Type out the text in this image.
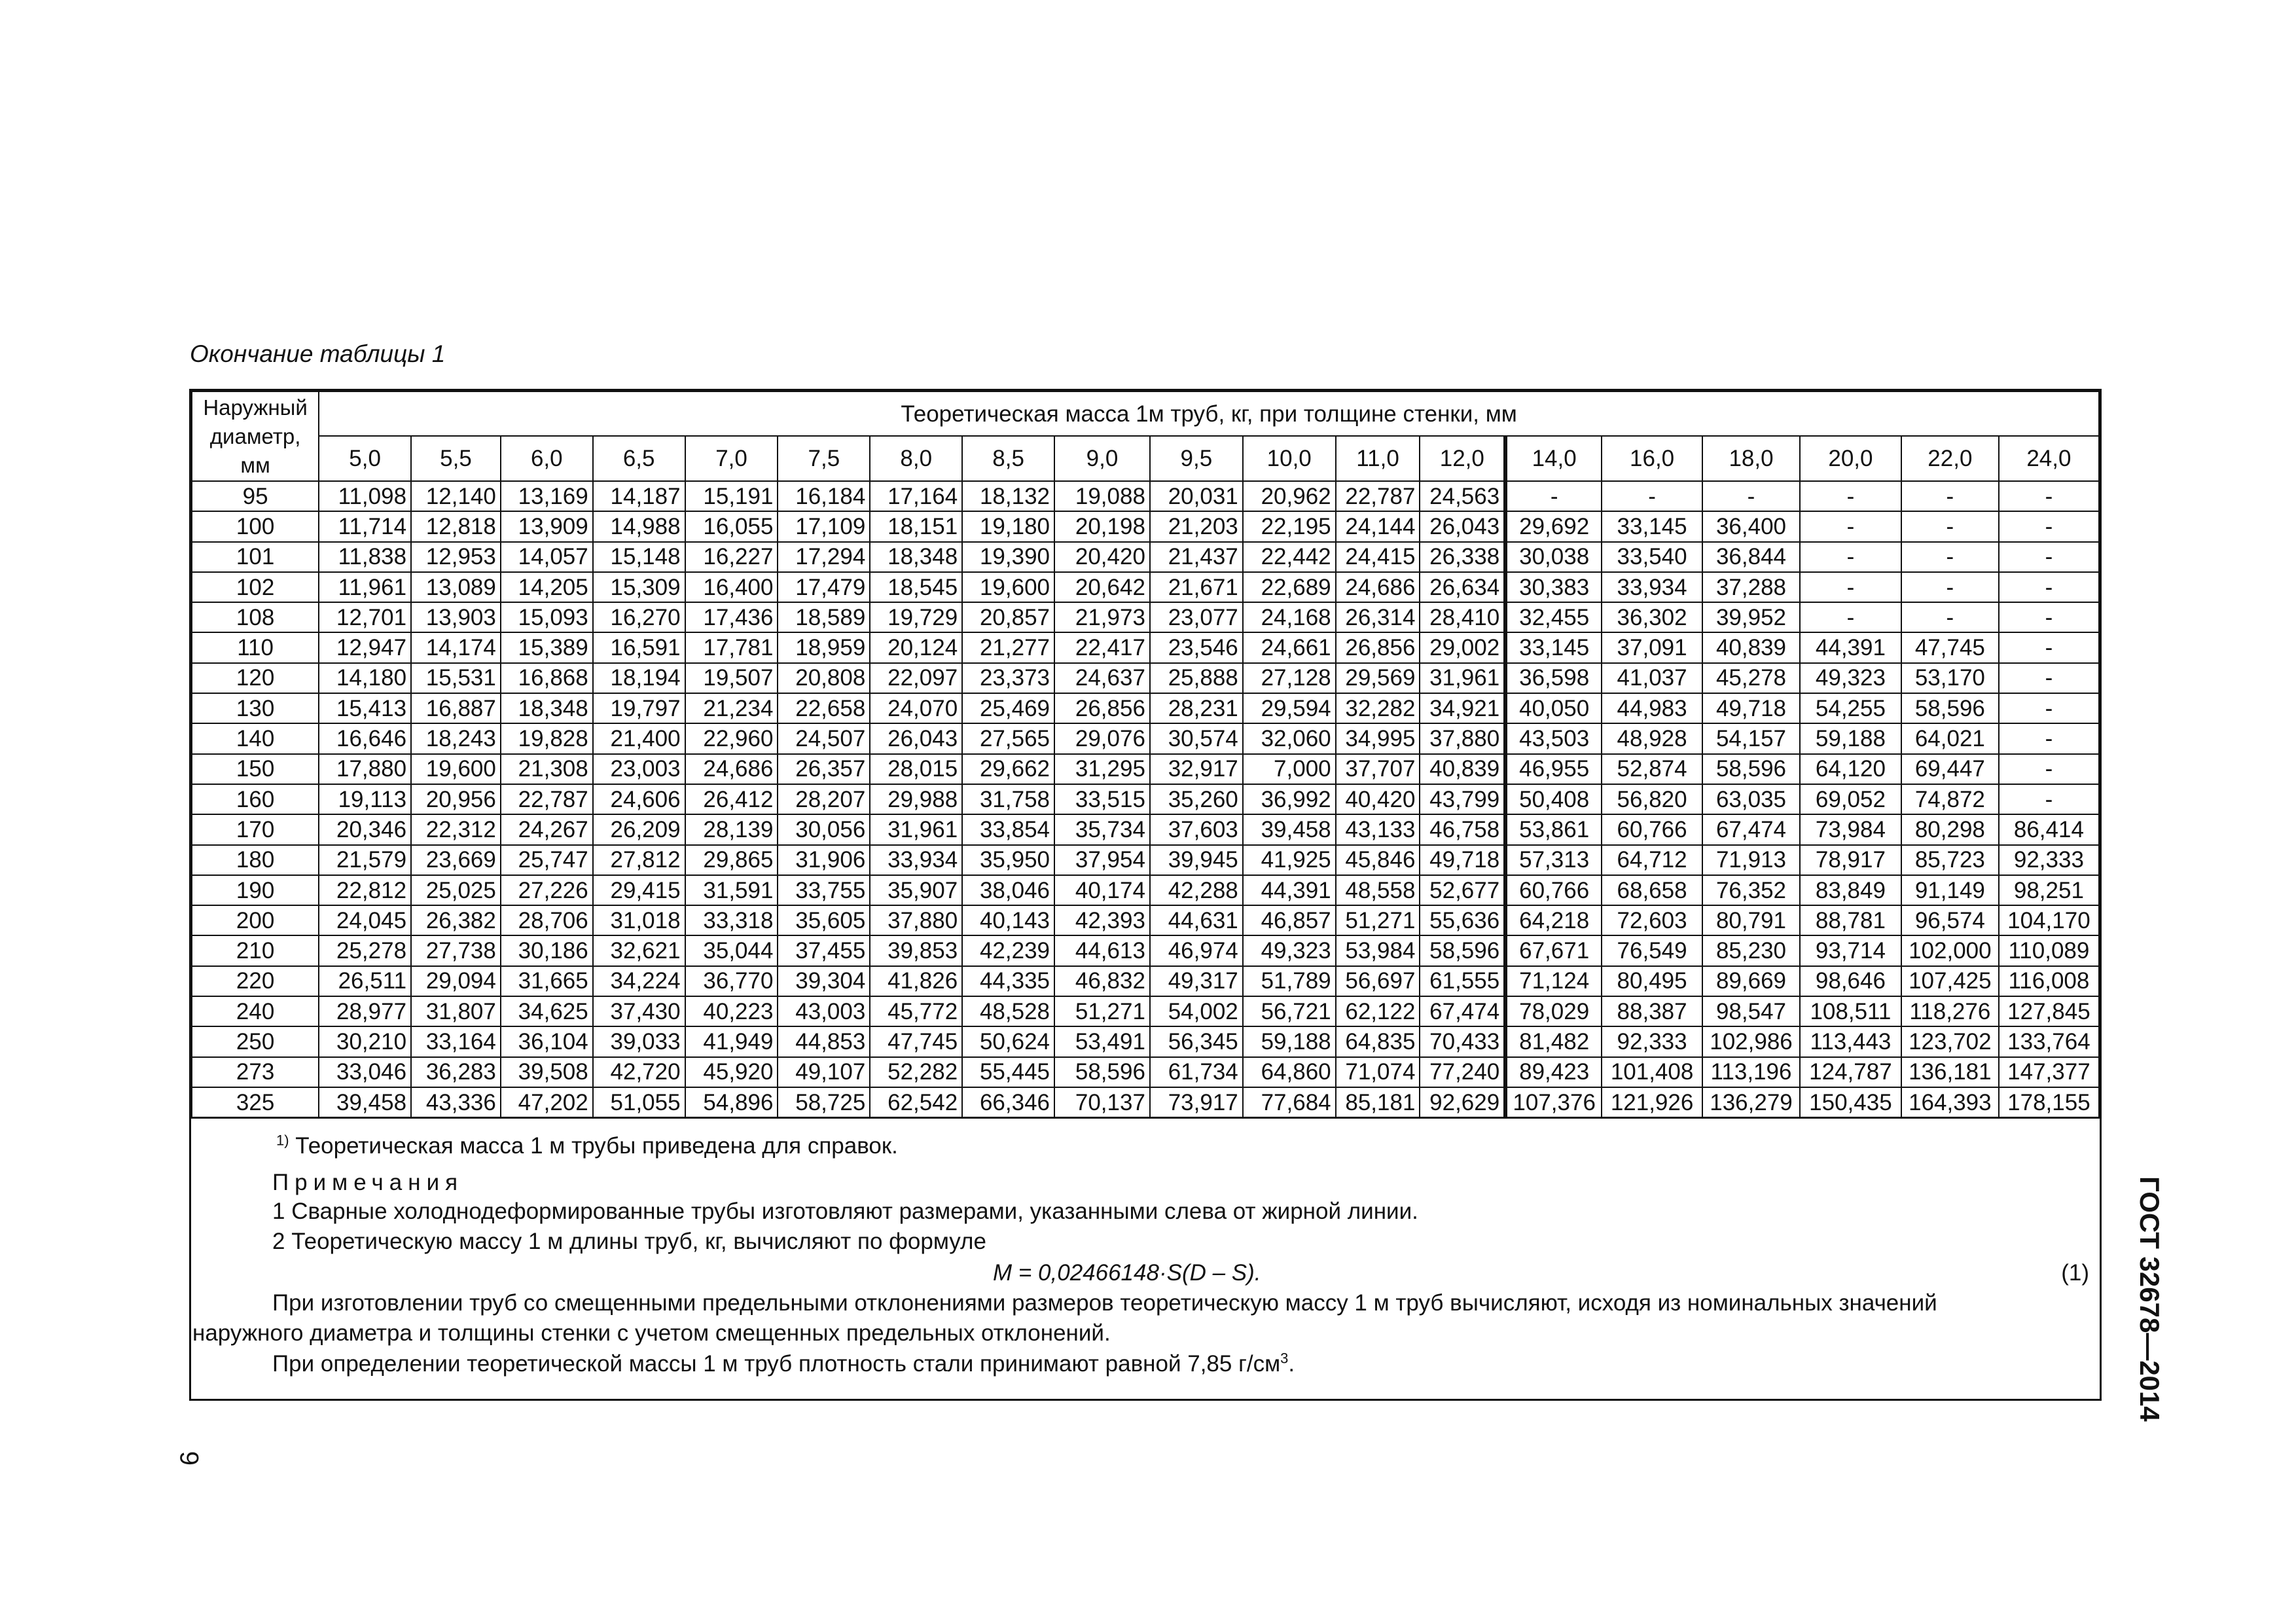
Окончание таблицы 1
Наружный
диаметр,
мм	Теоретическая масса 1м труб, кг, при толщине стенки, мм																		
	5,0	5,5	6,0	6,5	7,0	7,5	8,0	8,5	9,0	9,5	10,0	11,0	12,0	14,0	16,0	18,0	20,0	22,0	24,0
95	11,098	12,140	13,169	14,187	15,191	16,184	17,164	18,132	19,088	20,031	20,962	22,787	24,563	-	-	-	-	-	-
100	11,714	12,818	13,909	14,988	16,055	17,109	18,151	19,180	20,198	21,203	22,195	24,144	26,043	29,692	33,145	36,400	-	-	-
101	11,838	12,953	14,057	15,148	16,227	17,294	18,348	19,390	20,420	21,437	22,442	24,415	26,338	30,038	33,540	36,844	-	-	-
102	11,961	13,089	14,205	15,309	16,400	17,479	18,545	19,600	20,642	21,671	22,689	24,686	26,634	30,383	33,934	37,288	-	-	-
108	12,701	13,903	15,093	16,270	17,436	18,589	19,729	20,857	21,973	23,077	24,168	26,314	28,410	32,455	36,302	39,952	-	-	-
110	12,947	14,174	15,389	16,591	17,781	18,959	20,124	21,277	22,417	23,546	24,661	26,856	29,002	33,145	37,091	40,839	44,391	47,745	-
120	14,180	15,531	16,868	18,194	19,507	20,808	22,097	23,373	24,637	25,888	27,128	29,569	31,961	36,598	41,037	45,278	49,323	53,170	-
130	15,413	16,887	18,348	19,797	21,234	22,658	24,070	25,469	26,856	28,231	29,594	32,282	34,921	40,050	44,983	49,718	54,255	58,596	-
140	16,646	18,243	19,828	21,400	22,960	24,507	26,043	27,565	29,076	30,574	32,060	34,995	37,880	43,503	48,928	54,157	59,188	64,021	-
150	17,880	19,600	21,308	23,003	24,686	26,357	28,015	29,662	31,295	32,917	7,000	37,707	40,839	46,955	52,874	58,596	64,120	69,447	-
160	19,113	20,956	22,787	24,606	26,412	28,207	29,988	31,758	33,515	35,260	36,992	40,420	43,799	50,408	56,820	63,035	69,052	74,872	-
170	20,346	22,312	24,267	26,209	28,139	30,056	31,961	33,854	35,734	37,603	39,458	43,133	46,758	53,861	60,766	67,474	73,984	80,298	86,414
180	21,579	23,669	25,747	27,812	29,865	31,906	33,934	35,950	37,954	39,945	41,925	45,846	49,718	57,313	64,712	71,913	78,917	85,723	92,333
190	22,812	25,025	27,226	29,415	31,591	33,755	35,907	38,046	40,174	42,288	44,391	48,558	52,677	60,766	68,658	76,352	83,849	91,149	98,251
200	24,045	26,382	28,706	31,018	33,318	35,605	37,880	40,143	42,393	44,631	46,857	51,271	55,636	64,218	72,603	80,791	88,781	96,574	104,170
210	25,278	27,738	30,186	32,621	35,044	37,455	39,853	42,239	44,613	46,974	49,323	53,984	58,596	67,671	76,549	85,230	93,714	102,000	110,089
220	26,511	29,094	31,665	34,224	36,770	39,304	41,826	44,335	46,832	49,317	51,789	56,697	61,555	71,124	80,495	89,669	98,646	107,425	116,008
240	28,977	31,807	34,625	37,430	40,223	43,003	45,772	48,528	51,271	54,002	56,721	62,122	67,474	78,029	88,387	98,547	108,511	118,276	127,845
250	30,210	33,164	36,104	39,033	41,949	44,853	47,745	50,624	53,491	56,345	59,188	64,835	70,433	81,482	92,333	102,986	113,443	123,702	133,764
273	33,046	36,283	39,508	42,720	45,920	49,107	52,282	55,445	58,596	61,734	64,860	71,074	77,240	89,423	101,408	113,196	124,787	136,181	147,377
325	39,458	43,336	47,202	51,055	54,896	58,725	62,542	66,346	70,137	73,917	77,684	85,181	92,629	107,376	121,926	136,279	150,435	164,393	178,155
$^{1)}$ Теоретическая масса 1 м трубы приведена для справок.
Примечания
1 Сварные холоднодеформированные трубы изготовляют размерами, указанными слева от жирной линии.
2 Теоретическую массу 1 м длины труб, кг, вычисляют по формуле
M = 0,02466148·S(D – S).	(1)
При изготовлении труб со смещенными предельными отклонениями размеров теоретическую массу 1 м труб вычисляют, исходя из номинальных значений
наружного диаметра и толщины стенки с учетом смещенных предельных отклонений.
При определении теоретической массы 1 м труб плотность стали принимают равной 7,85 $г/см^3$.	ГОСТ 32678—2014
6
